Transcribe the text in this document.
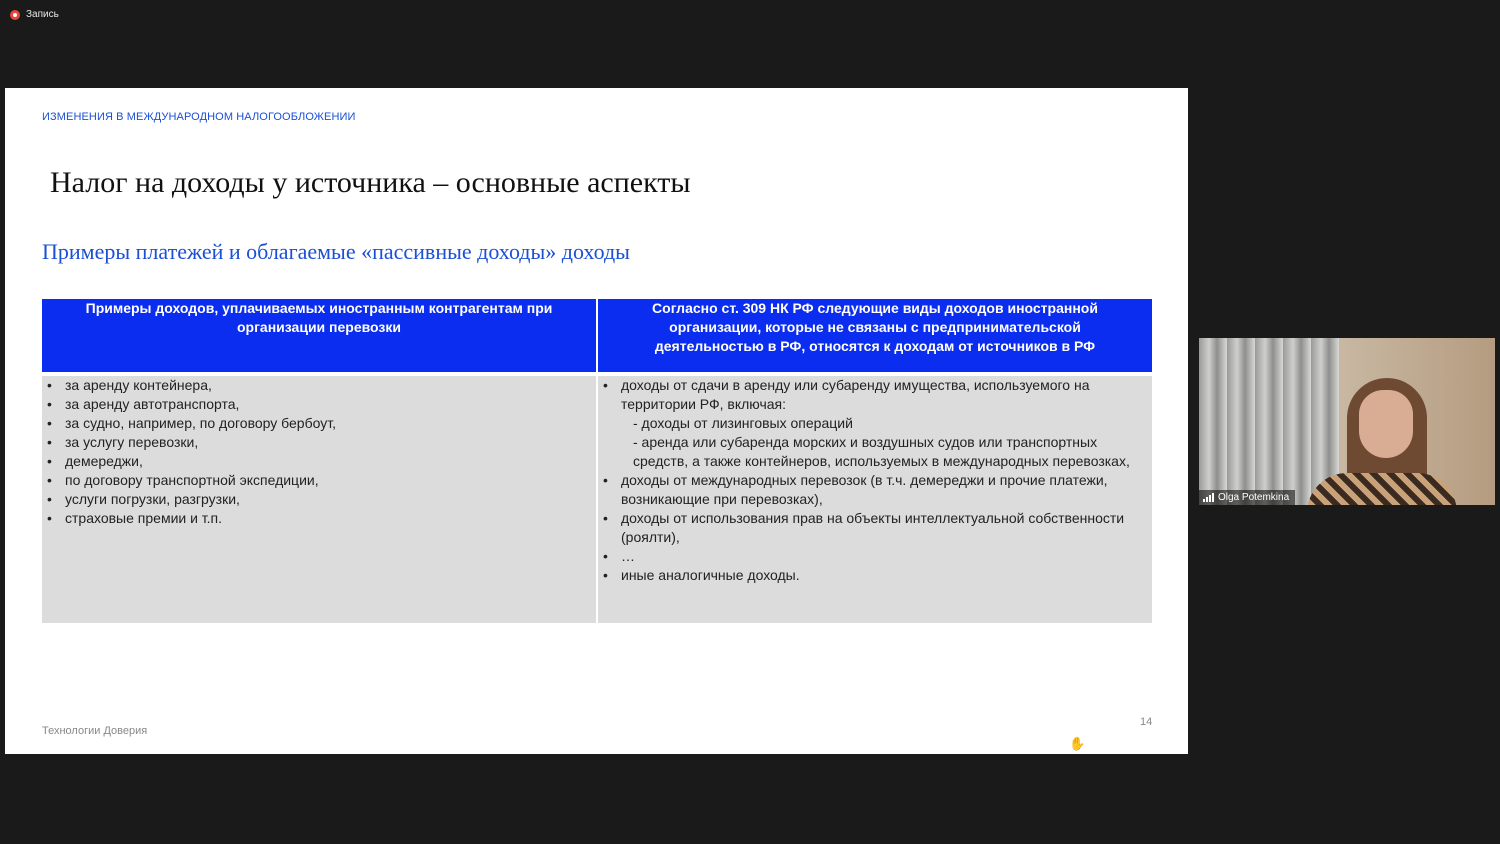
Запись
ИЗМЕНЕНИЯ В МЕЖДУНАРОДНОМ НАЛОГООБЛОЖЕНИИ
Налог на доходы у источника – основные аспекты
Примеры платежей и облагаемые «пассивные доходы» доходы
Примеры доходов, уплачиваемых иностранным контрагентам при организации перевозки
Согласно ст. 309 НК РФ следующие виды доходов иностранной организации, которые не связаны с предпринимательской деятельностью в РФ, относятся к доходам от источников в РФ
• за аренду контейнера,
• за аренду автотранспорта,
• за судно, например, по договору бербоут,
• за услугу перевозки,
• демереджи,
• по договору транспортной экспедиции,
• услуги погрузки, разгрузки,
• страховые премии и т.п.
• доходы от сдачи в аренду или субаренду имущества, используемого на территории РФ, включая:
- доходы от лизинговых операций
- аренда или субаренда морских и воздушных судов или транспортных средств, а также контейнеров, используемых в международных перевозках,
• доходы от международных перевозок (в т.ч. демереджи и прочие платежи, возникающие при перевозках),
• доходы от использования прав на объекты интеллектуальной собственности (роялти),
• …
• иные аналогичные доходы.
Технологии Доверия
14
✋
Olga Potemkina
